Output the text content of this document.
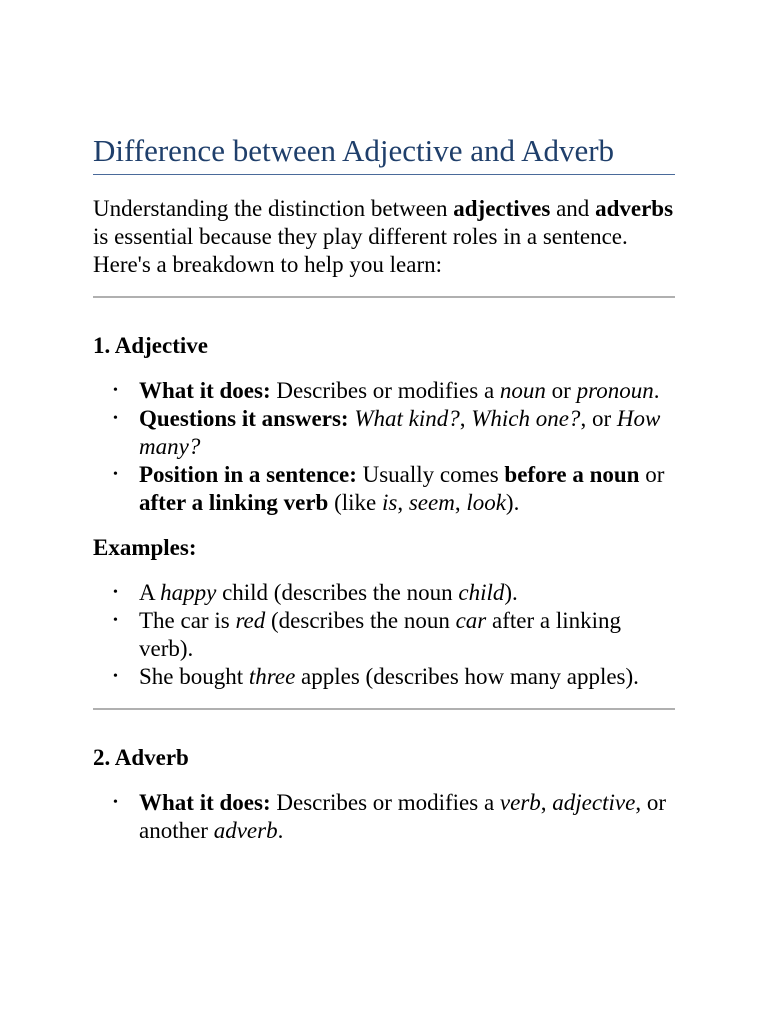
Difference between Adjective and Adverb

Understanding the distinction between adjectives and adverbs is essential because they play different roles in a sentence. Here's a breakdown to help you learn:

1. Adjective
• What it does: Describes or modifies a noun or pronoun.
• Questions it answers: What kind?, Which one?, or How many?
• Position in a sentence: Usually comes before a noun or after a linking verb (like is, seem, look).
Examples:
• A happy child (describes the noun child).
• The car is red (describes the noun car after a linking verb).
• She bought three apples (describes how many apples).
2. Adverb
• What it does: Describes or modifies a verb, adjective, or another adverb.
